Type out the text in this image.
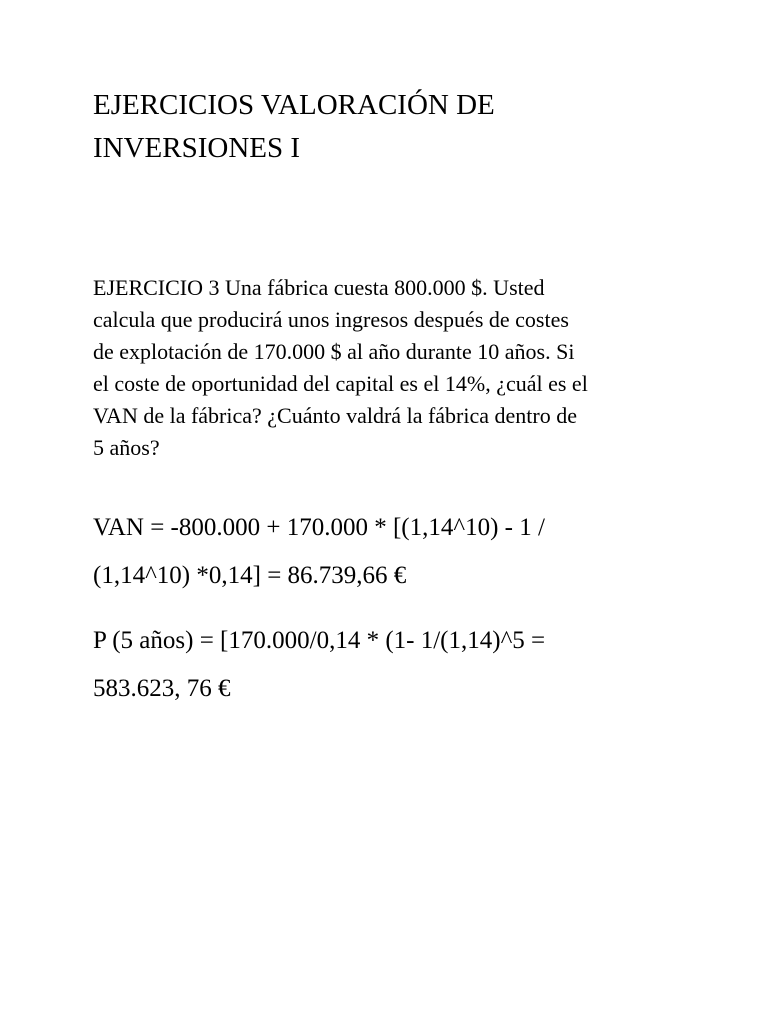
EJERCICIOS VALORACIÓN DE
INVERSIONES I

EJERCICIO 3 Una fábrica cuesta 800.000 $. Usted
calcula que producirá unos ingresos después de costes
de explotación de 170.000 $ al año durante 10 años. Si
el coste de oportunidad del capital es el 14%, ¿cuál es el
VAN de la fábrica? ¿Cuánto valdrá la fábrica dentro de
5 años?

VAN = -800.000 + 170.000 * [(1,14^10) - 1 /
(1,14^10) *0,14] = 86.739,66 €

P (5 años) = [170.000/0,14 * (1- 1/(1,14)^5 =
583.623, 76 €
